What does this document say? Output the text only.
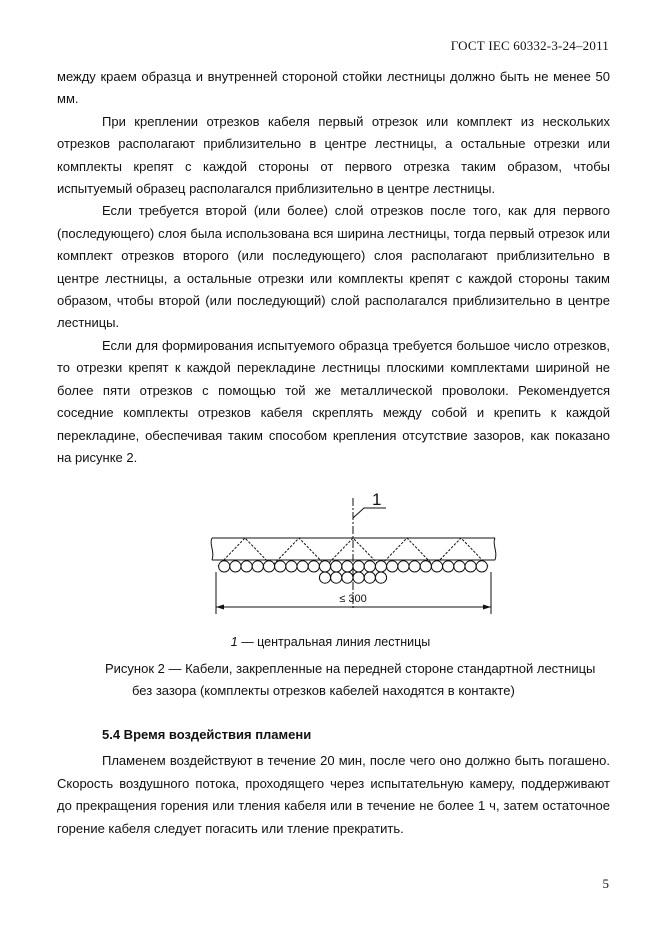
ГОСТ IEC 60332-3-24–2011

между краем образца и внутренней стороной стойки лестницы должно быть не менее 50 мм.

При креплении отрезков кабеля первый отрезок или комплект из нескольких отрезков располагают приблизительно в центре лестницы, а остальные отрезки или комплекты крепят с каждой стороны от первого отрезка таким образом, чтобы испытуемый образец располагался приблизительно в центре лестницы.

Если требуется второй (или более) слой отрезков после того, как для первого (последующего) слоя была использована вся ширина лестницы, тогда первый отрезок или комплект отрезков второго (или последующего) слоя располагают приблизительно в центре лестницы, а остальные отрезки или комплекты крепят с каждой стороны таким образом, чтобы второй (или последующий) слой располагался приблизительно в центре лестницы.

Если для формирования испытуемого образца требуется большое число отрезков, то отрезки крепят к каждой перекладине лестницы плоскими комплектами шириной не более пяти отрезков с помощью той же металлической проволоки. Рекомендуется соседние комплекты отрезков кабеля скреплять между собой и крепить к каждой перекладине, обеспечивая таким способом крепления отсутствие зазоров, как показано на рисунке 2.

1
≤ 300
1 — центральная линия лестницы
Рисунок 2 — Кабели, закрепленные на передней стороне стандартной лестницы
без зазора (комплекты отрезков кабелей находятся в контакте)
5.4 Время воздействия пламени

Пламенем воздействуют в течение 20 мин, после чего оно должно быть погашено. Скорость воздушного потока, проходящего через испытательную камеру, поддерживают до прекращения горения или тления кабеля или в течение не более 1 ч, затем остаточное горение кабеля следует погасить или тление прекратить.

5
